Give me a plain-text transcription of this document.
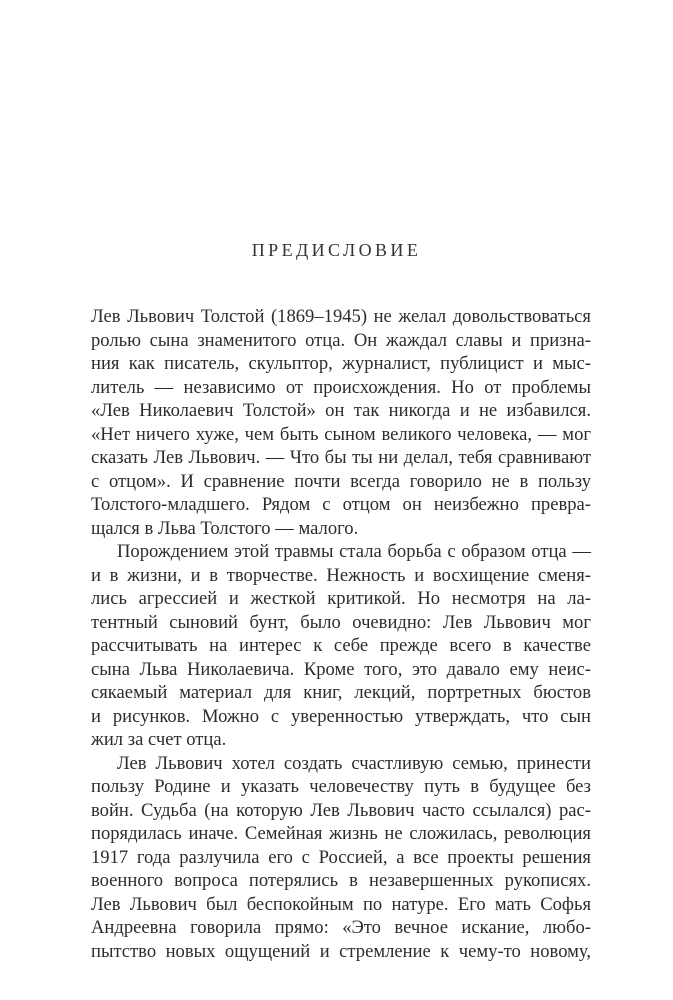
ПРЕДИСЛОВИЕ
Лев Львович Толстой (1869–1945) не желал довольствоваться
ролью сына знаменитого отца. Он жаждал славы и призна-
ния как писатель, скульптор, журналист, публицист и мыс-
литель — независимо от происхождения. Но от проблемы
«Лев Николаевич Толстой» он так никогда и не избавился.
«Нет ничего хуже, чем быть сыном великого человека, — мог
сказать Лев Львович. — Что бы ты ни делал, тебя сравнивают
с отцом». И сравнение почти всегда говорило не в пользу
Толстого-младшего. Рядом с отцом он неизбежно превра-
щался в Льва Толстого — малого.
Порождением этой травмы стала борьба с образом отца —
и в жизни, и в творчестве. Нежность и восхищение сменя-
лись агрессией и жесткой критикой. Но несмотря на ла-
тентный сыновий бунт, было очевидно: Лев Львович мог
рассчитывать на интерес к себе прежде всего в качестве
сына Льва Николаевича. Кроме того, это давало ему неис-
сякаемый материал для книг, лекций, портретных бюстов
и рисунков. Можно с уверенностью утверждать, что сын
жил за счет отца.
Лев Львович хотел создать счастливую семью, принести
пользу Родине и указать человечеству путь в будущее без
войн. Судьба (на которую Лев Львович часто ссылался) рас-
порядилась иначе. Семейная жизнь не сложилась, революция
1917 года разлучила его с Россией, а все проекты решения
военного вопроса потерялись в незавершенных рукописях.
Лев Львович был беспокойным по натуре. Его мать Софья
Андреевна говорила прямо: «Это вечное искание, любо-
пытство новых ощущений и стремление к чему-то новому,
